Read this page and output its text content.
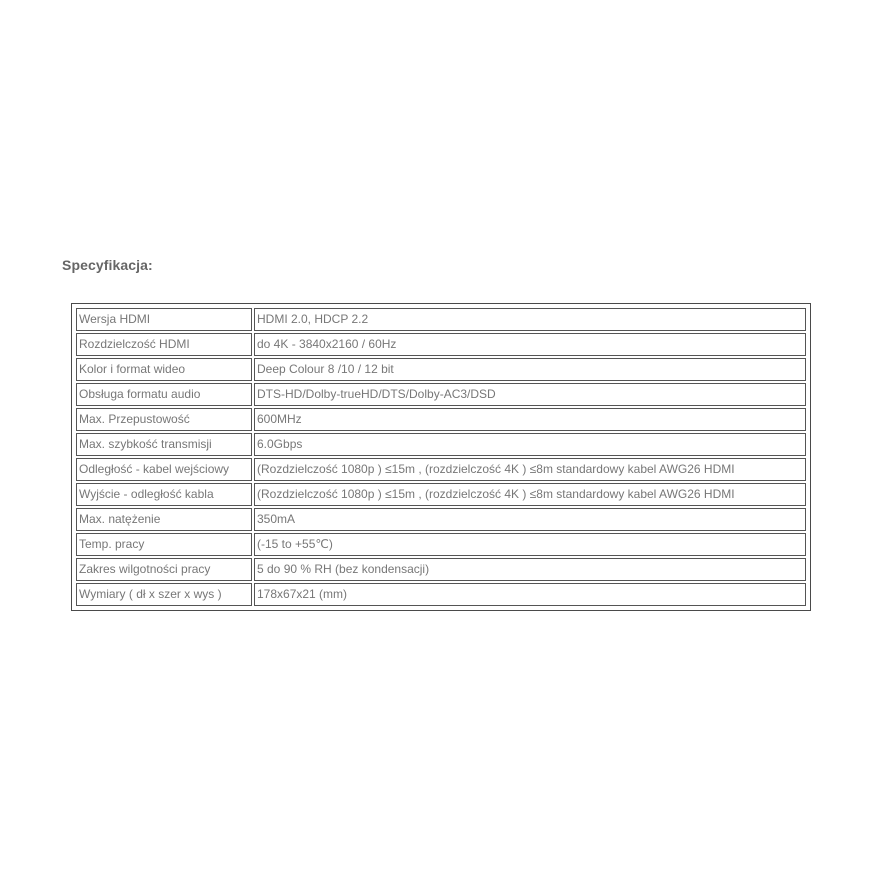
Specyfikacja:
Wersja HDMI	HDMI 2.0, HDCP 2.2
Rozdzielczość HDMI	do 4K - 3840x2160 / 60Hz
Kolor i format wideo	Deep Colour 8 /10 / 12 bit
Obsługa formatu audio	DTS-HD/Dolby-trueHD/DTS/Dolby-AC3/DSD
Max. Przepustowość	600MHz
Max. szybkość transmisji	6.0Gbps
Odległość - kabel wejściowy	(Rozdzielczość 1080p ) ≤15m , (rozdzielczość 4K ) ≤8m standardowy kabel AWG26 HDMI
Wyjście - odległość kabla	(Rozdzielczość 1080p ) ≤15m , (rozdzielczość 4K ) ≤8m standardowy kabel AWG26 HDMI
Max. natężenie	350mA
Temp. pracy	(-15 to +55℃)
Zakres wilgotności pracy	5 do 90 % RH (bez kondensacji)
Wymiary ( dł x szer x wys )	178x67x21 (mm)
